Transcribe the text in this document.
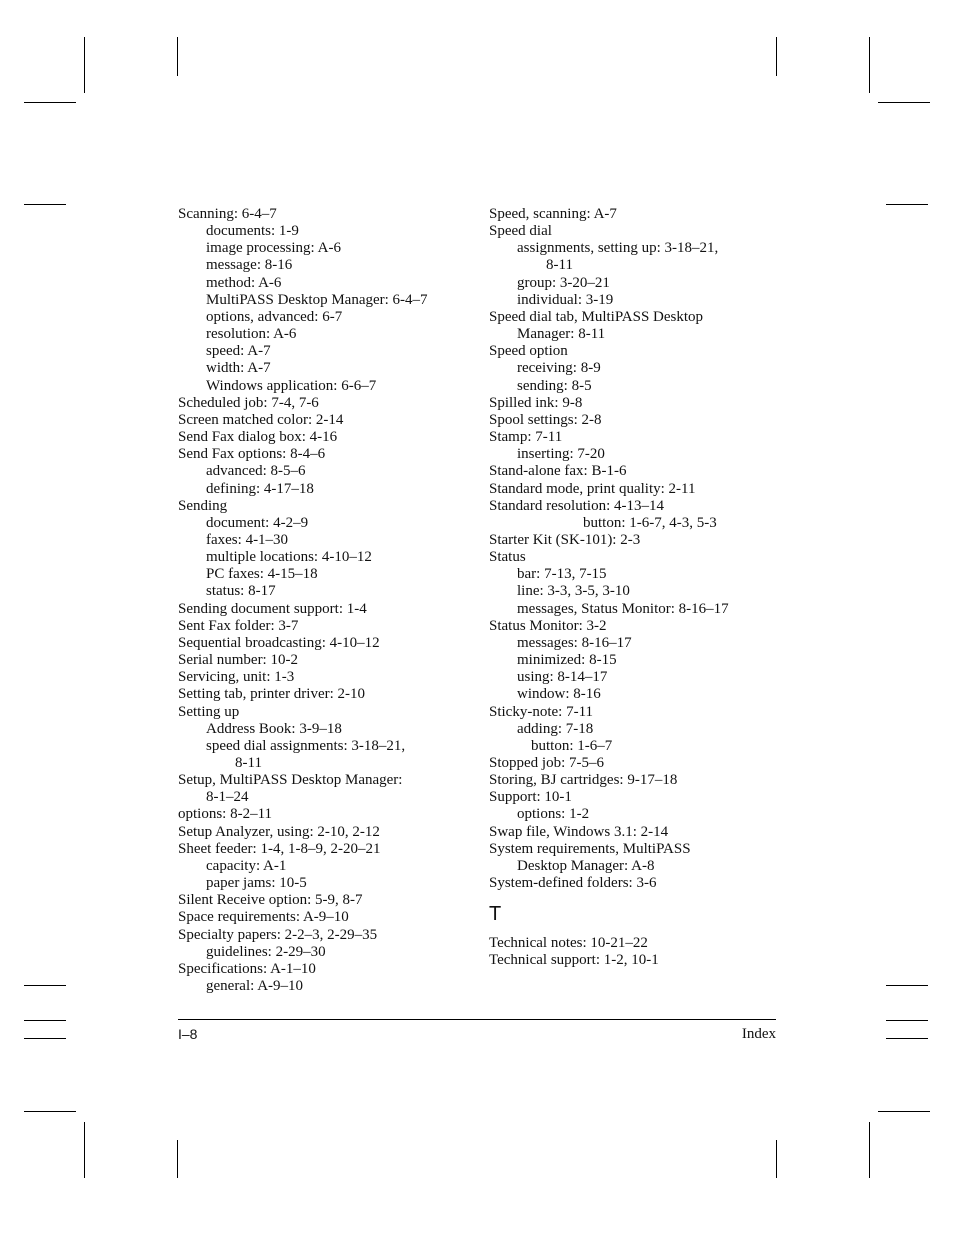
Scanning: 6-4–7
documents: 1-9
image processing: A-6
message: 8-16
method: A-6
MultiPASS Desktop Manager: 6-4–7
options, advanced: 6-7
resolution: A-6
speed: A-7
width: A-7
Windows application: 6-6–7
Scheduled job: 7-4, 7-6
Screen matched color: 2-14
Send Fax dialog box: 4-16
Send Fax options: 8-4–6
advanced: 8-5–6
defining: 4-17–18
Sending
document: 4-2–9
faxes: 4-1–30
multiple locations: 4-10–12
PC faxes: 4-15–18
status: 8-17
Sending document support: 1-4
Sent Fax folder: 3-7
Sequential broadcasting: 4-10–12
Serial number: 10-2
Servicing, unit: 1-3
Setting tab, printer driver: 2-10
Setting up
Address Book: 3-9–18
speed dial assignments: 3-18–21,
8-11
Setup, MultiPASS Desktop Manager:
8-1–24
options: 8-2–11
Setup Analyzer, using: 2-10, 2-12
Sheet feeder: 1-4, 1-8–9, 2-20–21
capacity: A-1
paper jams: 10-5
Silent Receive option: 5-9, 8-7
Space requirements: A-9–10
Specialty papers: 2-2–3, 2-29–35
guidelines: 2-29–30
Specifications: A-1–10
general: A-9–10
Speed, scanning: A-7
Speed dial
assignments, setting up: 3-18–21,
8-11
group: 3-20–21
individual: 3-19
Speed dial tab, MultiPASS Desktop
Manager: 8-11
Speed option
receiving: 8-9
sending: 8-5
Spilled ink: 9-8
Spool settings: 2-8
Stamp: 7-11
inserting: 7-20
Stand-alone fax: B-1-6
Standard mode, print quality: 2-11
Standard resolution: 4-13–14
button: 1-6-7, 4-3, 5-3
Starter Kit (SK-101): 2-3
Status
bar: 7-13, 7-15
line: 3-3, 3-5, 3-10
messages, Status Monitor: 8-16–17
Status Monitor: 3-2
messages: 8-16–17
minimized: 8-15
using: 8-14–17
window: 8-16
Sticky-note: 7-11
adding: 7-18
button: 1-6–7
Stopped job: 7-5–6
Storing, BJ cartridges: 9-17–18
Support: 10-1
options: 1-2
Swap file, Windows 3.1: 2-14
System requirements, MultiPASS
Desktop Manager: A-8
System-defined folders: 3-6
T
Technical notes: 10-21–22
Technical support: 1-2, 10-1
I–8	Index
